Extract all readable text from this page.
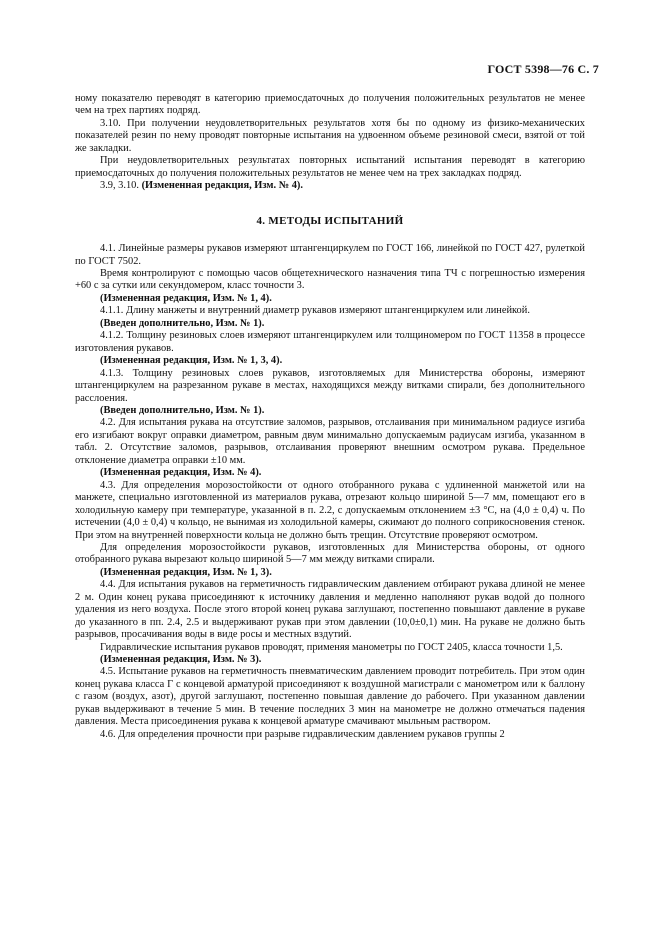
ГОСТ 5398—76 С. 7

ному показателю переводят в категорию приемосдаточных до получения положительных результатов не менее чем на трех партиях подряд.

3.10. При получении неудовлетворительных результатов хотя бы по одному из физико-механических показателей резин по нему проводят повторные испытания на удвоенном объеме резиновой смеси, взятой от той же закладки.

При неудовлетворительных результатах повторных испытаний испытания переводят в категорию приемосдаточных до получения положительных результатов не менее чем на трех закладках подряд.

3.9, 3.10. (Измененная редакция, Изм. № 4).

4. МЕТОДЫ ИСПЫТАНИЙ

4.1. Линейные размеры рукавов измеряют штангенциркулем по ГОСТ 166, линейкой по ГОСТ 427, рулеткой по ГОСТ 7502.

Время контролируют с помощью часов общетехнического назначения типа ТЧ с погрешностью измерения +60 с за сутки или секундомером, класс точности 3.

(Измененная редакция, Изм. № 1, 4).

4.1.1. Длину манжеты и внутренний диаметр рукавов измеряют штангенциркулем или линейкой.

(Введен дополнительно, Изм. № 1).

4.1.2. Толщину резиновых слоев измеряют штангенциркулем или толщиномером по ГОСТ 11358 в процессе изготовления рукавов.

(Измененная редакция, Изм. № 1, 3, 4).

4.1.3. Толщину резиновых слоев рукавов, изготовляемых для Министерства обороны, измеряют штангенциркулем на разрезанном рукаве в местах, находящихся между витками спирали, без дополнительного расслоения.

(Введен дополнительно, Изм. № 1).

4.2. Для испытания рукава на отсутствие заломов, разрывов, отслаивания при минимальном радиусе изгиба его изгибают вокруг оправки диаметром, равным двум минимально допускаемым радиусам изгиба, указанном в табл. 2. Отсутствие заломов, разрывов, отслаивания проверяют внешним осмотром рукава. Предельное отклонение диаметра оправки ±10 мм.

(Измененная редакция, Изм. № 4).

4.3. Для определения морозостойкости от одного отобранного рукава с удлиненной манжетой или на манжете, специально изготовленной из материалов рукава, отрезают кольцо шириной 5—7 мм, помещают его в холодильную камеру при температуре, указанной в п. 2.2, с допускаемым отклонением ±3 °С, на (4,0 ± 0,4) ч. По истечении (4,0 ± 0,4) ч кольцо, не вынимая из холодильной камеры, сжимают до полного соприкосновения стенок. При этом на внутренней поверхности кольца не должно быть трещин. Отсутствие проверяют осмотром.

Для определения морозостойкости рукавов, изготовленных для Министерства обороны, от одного отобранного рукава вырезают кольцо шириной 5—7 мм между витками спирали.

(Измененная редакция, Изм. № 1, 3).

4.4. Для испытания рукавов на герметичность гидравлическим давлением отбирают рукава длиной не менее 2 м. Один конец рукава присоединяют к источнику давления и медленно наполняют рукав водой до полного удаления из него воздуха. После этого второй конец рукава заглушают, постепенно повышают давление в рукаве до указанного в пп. 2.4, 2.5 и выдерживают рукав при этом давлении (10,0±0,1) мин. На рукаве не должно быть разрывов, просачивания воды в виде росы и местных вздутий.

Гидравлические испытания рукавов проводят, применяя манометры по ГОСТ 2405, класса точности 1,5.

(Измененная редакция, Изм. № 3).

4.5. Испытание рукавов на герметичность пневматическим давлением проводит потребитель. При этом один конец рукава класса Г с концевой арматурой присоединяют к воздушной магистрали с манометром или к баллону с газом (воздух, азот), другой заглушают, постепенно повышая давление до рабочего. При указанном давлении рукав выдерживают в течение 5 мин. В течение последних 3 мин на манометре не должно отмечаться падения давления. Места присоединения рукава к концевой арматуре смачивают мыльным раствором.

4.6. Для определения прочности при разрыве гидравлическим давлением рукавов группы 2
